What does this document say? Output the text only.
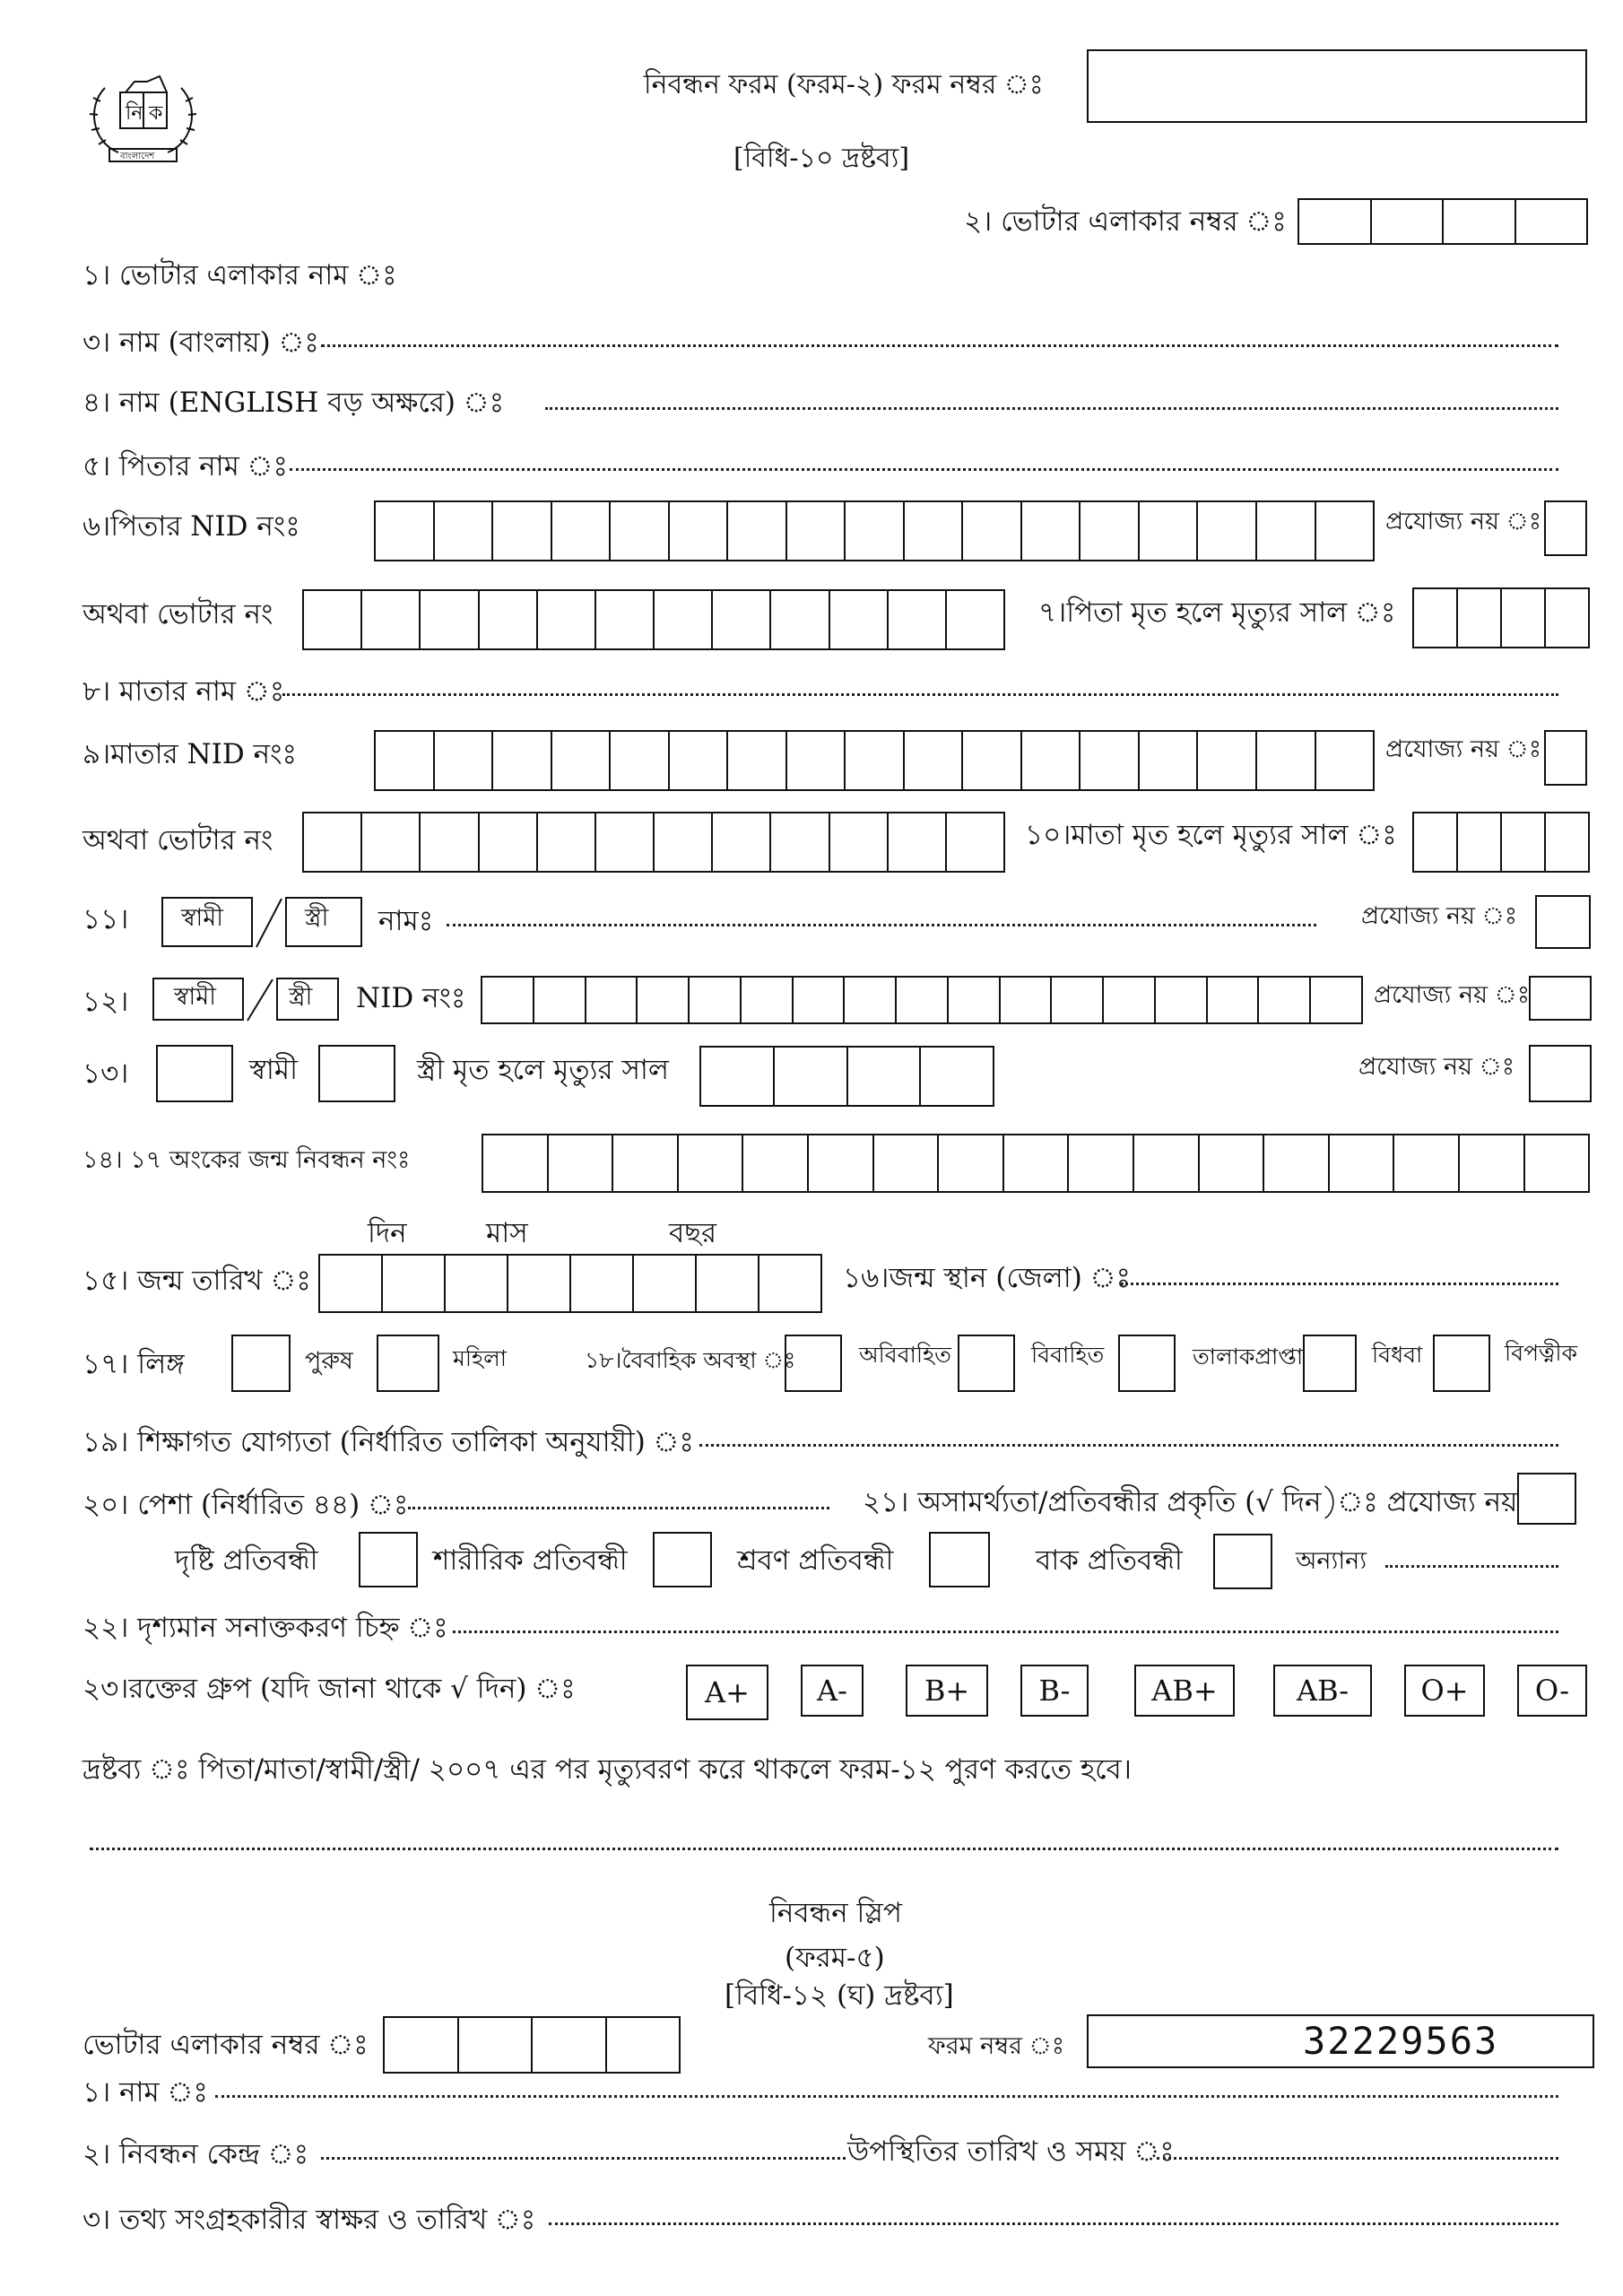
নি ক
বাংলাদেশ
নিবন্ধন ফরম (ফরম-২) ফরম নম্বর ঃ
[বিধি-১০ দ্রষ্টব্য]
২। ভোটার এলাকার নম্বর ঃ
১। ভোটার এলাকার নাম ঃ
৩। নাম (বাংলায়) ঃ
৪। নাম (ENGLISH বড় অক্ষরে) ঃ
৫। পিতার নাম ঃ
৬।পিতার NID নংঃ	প্রযোজ্য নয় ঃ
অথবা ভোটার নং	৭।পিতা মৃত হলে মৃত্যুর সাল ঃ
৮। মাতার নাম ঃ
৯।মাতার NID নংঃ	প্রযোজ্য নয় ঃ
অথবা ভোটার নং	১০।মাতা মৃত হলে মৃত্যুর সাল ঃ
১১। স্বামী	স্ত্রী নামঃ	প্রযোজ্য নয় ঃ
১২। স্বামী	স্ত্রী NID নংঃ	প্রযোজ্য নয় ঃ
১৩।	স্বামী	স্ত্রী মৃত হলে মৃত্যুর সাল	প্রযোজ্য নয় ঃ
১৪। ১৭ অংকের জন্ম নিবন্ধন নংঃ
দিন	মাস	বছর
১৫। জন্ম তারিখ ঃ	১৬।জন্ম স্থান (জেলা) ঃ
১৭। লিঙ্গ	পুরুষ	মহিলা	১৮।বৈবাহিক অবস্থা ঃ	অবিবাহিত	বিবাহিত	তালাকপ্রাপ্তা	বিধবা	বিপত্নীক
১৯। শিক্ষাগত যোগ্যতা (নির্ধারিত তালিকা অনুযায়ী) ঃ
২০। পেশা (নির্ধারিত ৪৪) ঃ	২১। অসামর্থ্যতা/প্রতিবন্ধীর প্রকৃতি (√ দিন)ঃ প্রযোজ্য নয়
দৃষ্টি প্রতিবন্ধী	শারীরিক প্রতিবন্ধী	শ্রবণ প্রতিবন্ধী	বাক প্রতিবন্ধী	অন্যান্য
২২। দৃশ্যমান সনাক্তকরণ চিহ্ন ঃ
২৩।রক্তের গ্রুপ (যদি জানা থাকে √ দিন) ঃ	A+	A-	B+	B-	AB+	AB-	O+	O-
দ্রষ্টব্য ঃ পিতা/মাতা/স্বামী/স্ত্রী/ ২০০৭ এর পর মৃত্যুবরণ করে থাকলে ফরম-১২ পুরণ করতে হবে।
নিবন্ধন স্লিপ
(ফরম-৫)
[বিধি-১২ (ঘ) দ্রষ্টব্য]
ভোটার এলাকার নম্বর ঃ	ফরম নম্বর ঃ	32229563
১। নাম ঃ
২। নিবন্ধন কেন্দ্র ঃ	উপস্থিতির তারিখ ও সময় ঃ
৩। তথ্য সংগ্রহকারীর স্বাক্ষর ও তারিখ ঃ
